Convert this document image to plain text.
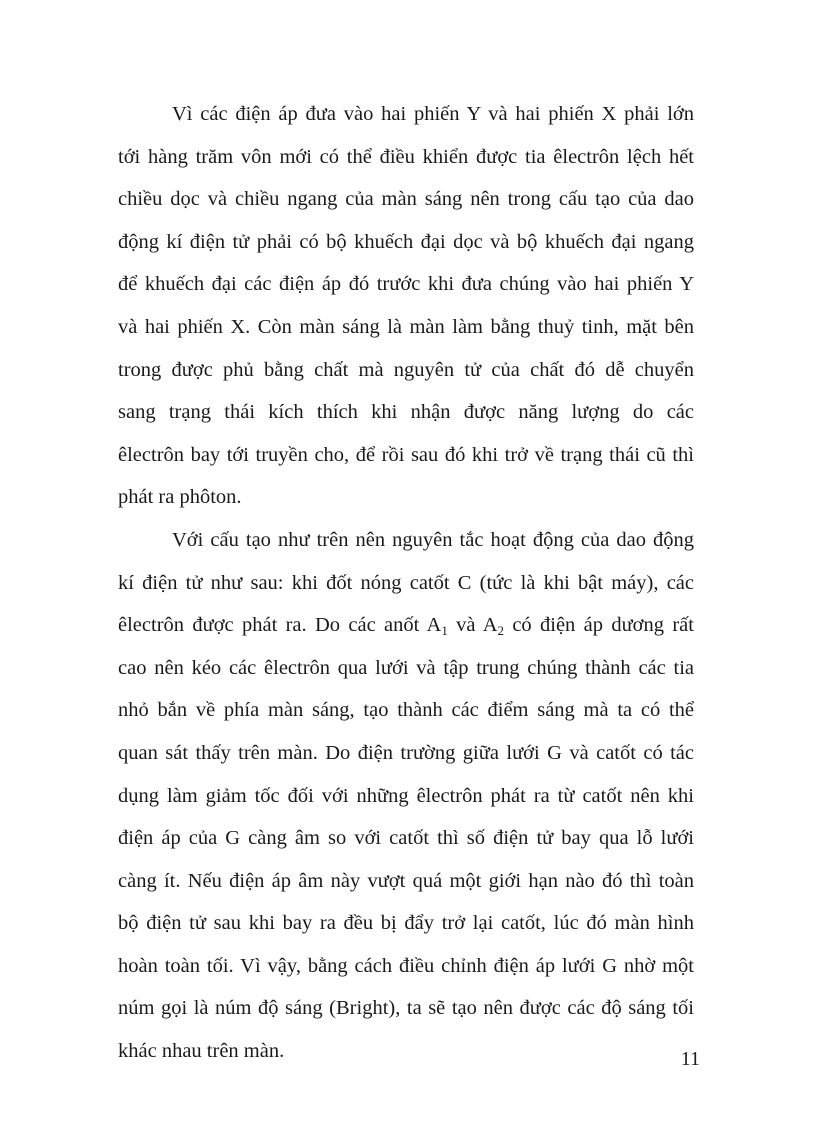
Vì các điện áp đưa vào hai phiến Y và hai phiến X phải lớn
tới hàng trăm vôn mới có thể điều khiển được tia êlectrôn lệch hết
chiều dọc và chiều ngang của màn sáng nên trong cấu tạo của dao
động kí điện tử phải có bộ khuếch đại dọc và bộ khuếch đại ngang
để khuếch đại các điện áp đó trước khi đưa chúng vào hai phiến Y
và hai phiến X. Còn màn sáng là màn làm bằng thuỷ tinh, mặt bên
trong được phủ bằng chất mà nguyên tử của chất đó dễ chuyển
sang trạng thái kích thích khi nhận được năng lượng do các
êlectrôn bay tới truyền cho, để rồi sau đó khi trở về trạng thái cũ thì
phát ra phôton.

Với cấu tạo như trên nên nguyên tắc hoạt động của dao động
kí điện tử như sau: khi đốt nóng catốt C (tức là khi bật máy), các
êlectrôn được phát ra. Do các anốt $A_1$ và $A_2$ có điện áp dương rất
cao nên kéo các êlectrôn qua lưới và tập trung chúng thành các tia
nhỏ bắn về phía màn sáng, tạo thành các điểm sáng mà ta có thể
quan sát thấy trên màn. Do điện trường giữa lưới G và catốt có tác
dụng làm giảm tốc đối với những êlectrôn phát ra từ catốt nên khi
điện áp của G càng âm so với catốt thì số điện tử bay qua lỗ lưới
càng ít. Nếu điện áp âm này vượt quá một giới hạn nào đó thì toàn
bộ điện tử sau khi bay ra đều bị đẩy trở lại catốt, lúc đó màn hình
hoàn toàn tối. Vì vậy, bằng cách điều chỉnh điện áp lưới G nhờ một
núm gọi là núm độ sáng (Bright), ta sẽ tạo nên được các độ sáng tối
khác nhau trên màn.	11
